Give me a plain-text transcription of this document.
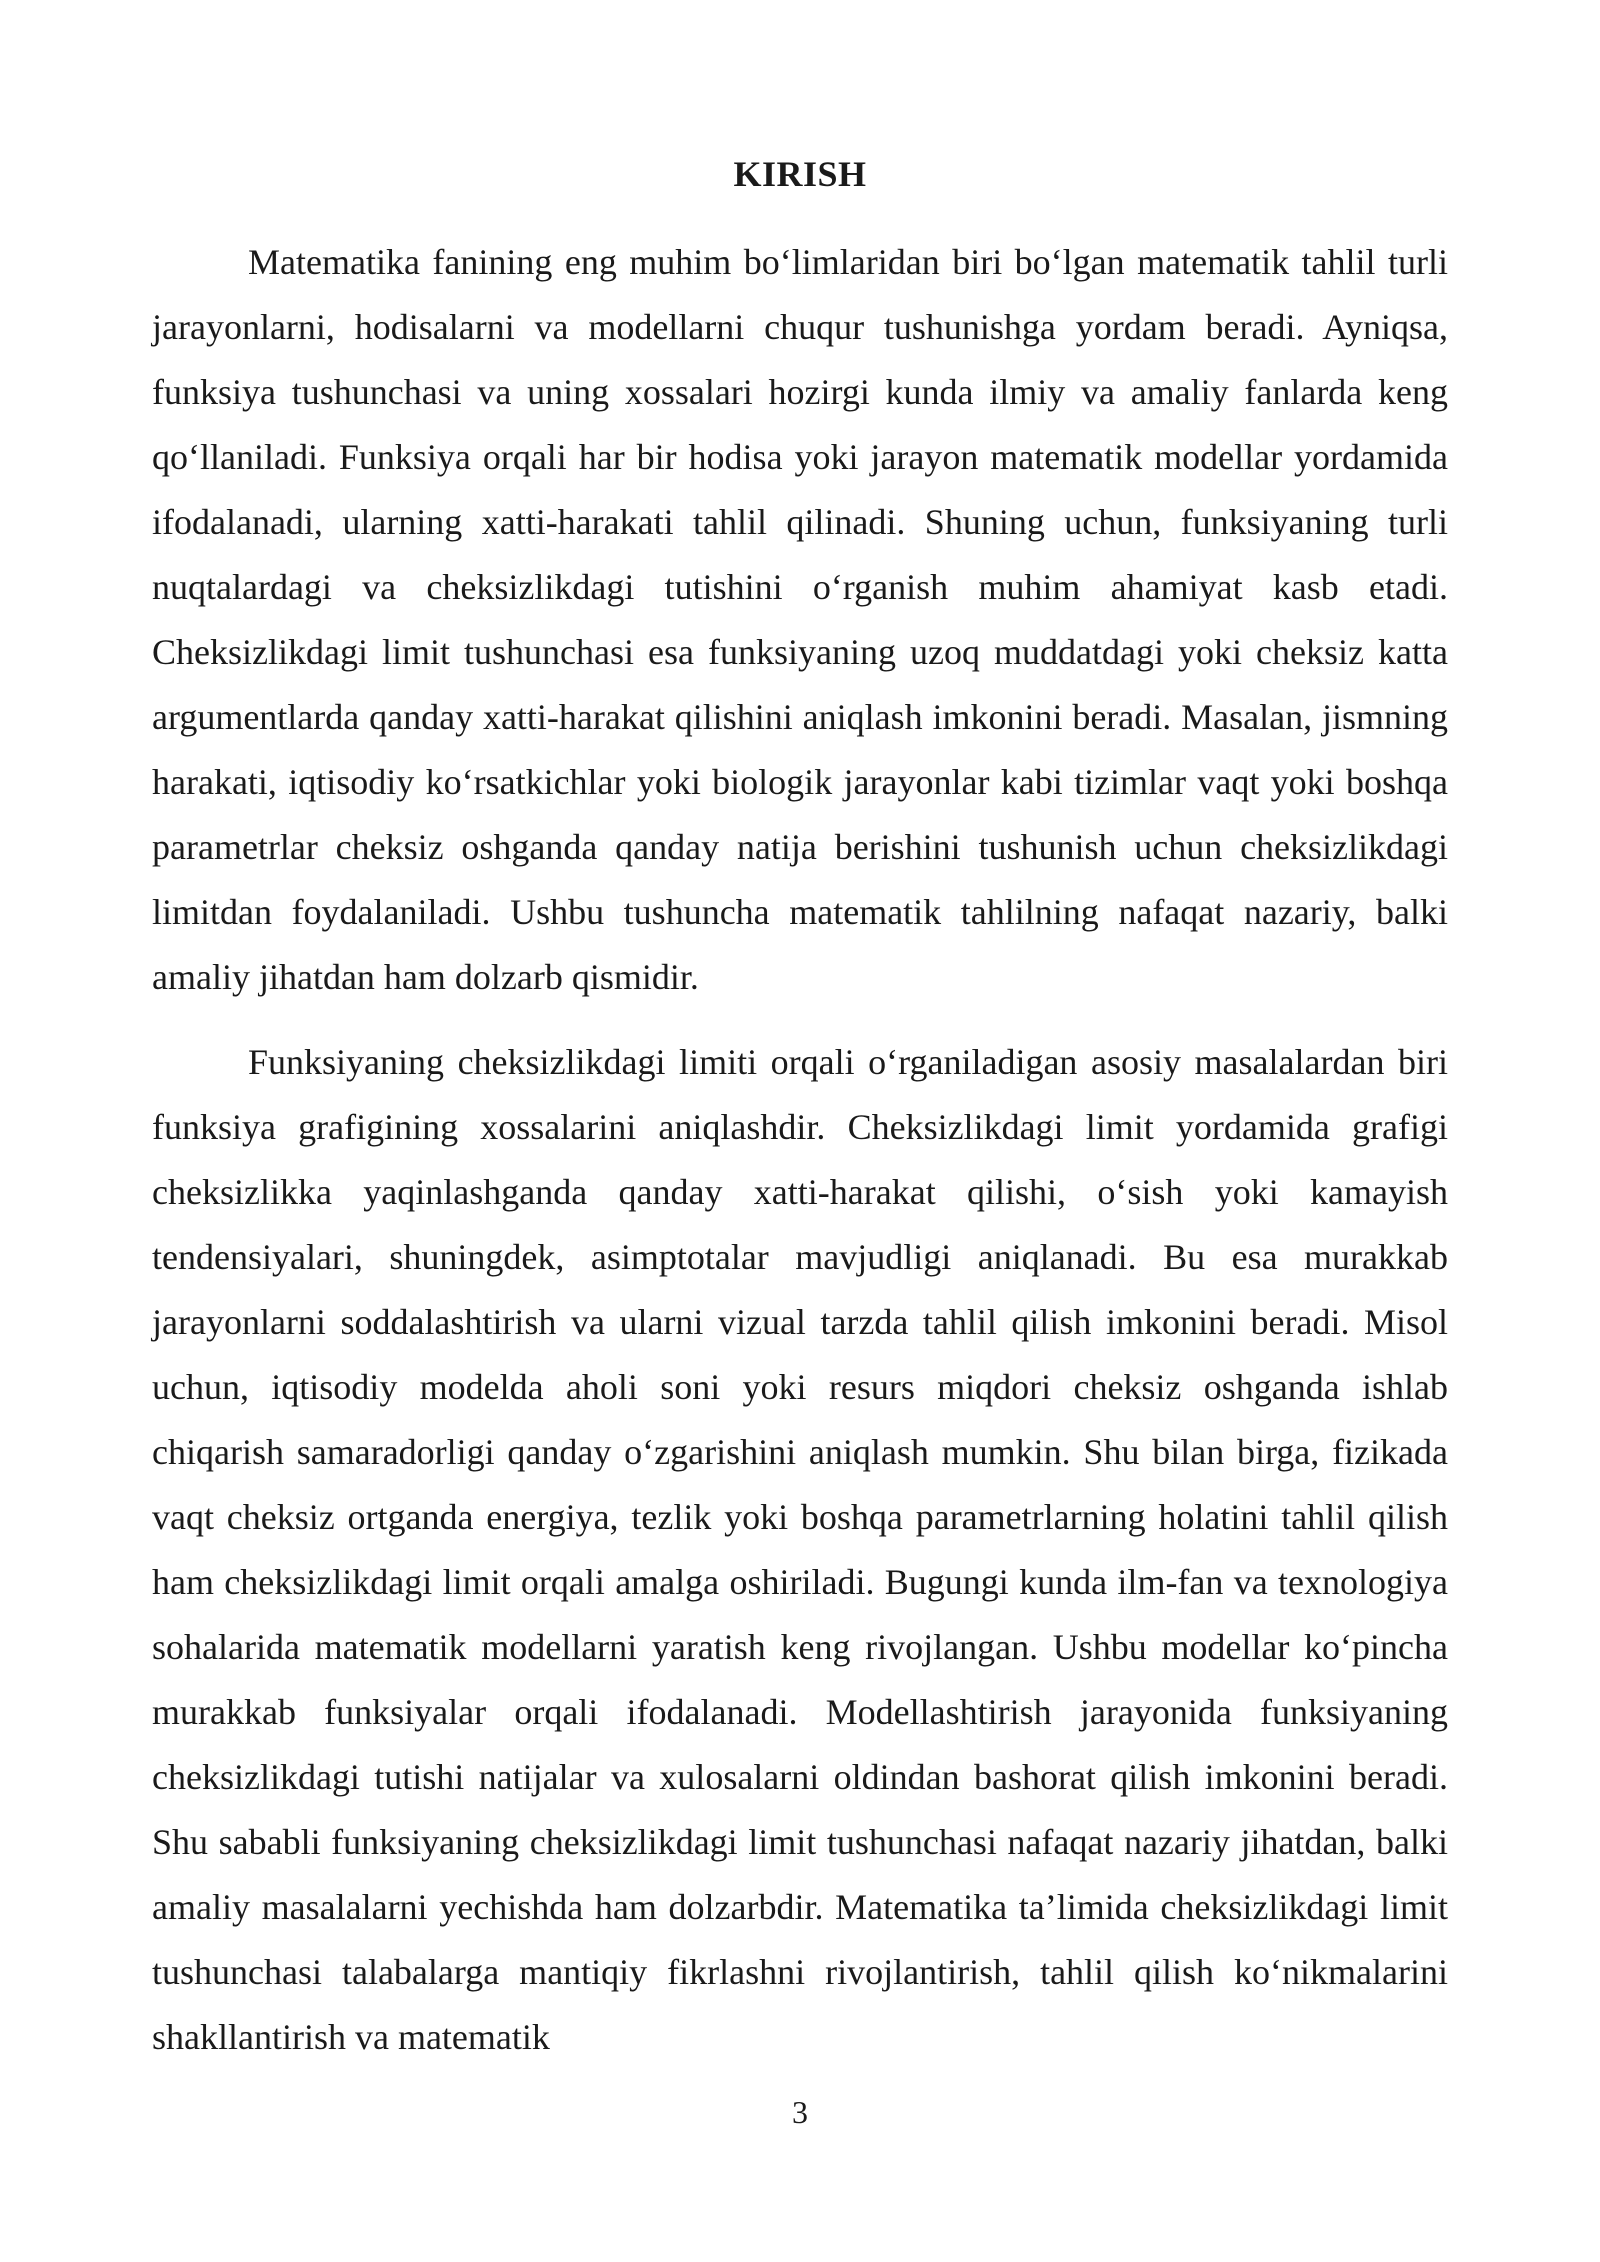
KIRISH

Matematika fanining eng muhim bo‘limlaridan biri bo‘lgan matematik tahlil turli jarayonlarni, hodisalarni va modellarni chuqur tushunishga yordam beradi. Ayniqsa, funksiya tushunchasi va uning xossalari hozirgi kunda ilmiy va amaliy fanlarda keng qo‘llaniladi. Funksiya orqali har bir hodisa yoki jarayon matematik modellar yordamida ifodalanadi, ularning xatti-harakati tahlil qilinadi. Shuning uchun, funksiyaning turli nuqtalardagi va cheksizlikdagi tutishini o‘rganish muhim ahamiyat kasb etadi. Cheksizlikdagi limit tushunchasi esa funksiyaning uzoq muddatdagi yoki cheksiz katta argumentlarda qanday xatti-harakat qilishini aniqlash imkonini beradi. Masalan, jismning harakati, iqtisodiy ko‘rsatkichlar yoki biologik jarayonlar kabi tizimlar vaqt yoki boshqa parametrlar cheksiz oshganda qanday natija berishini tushunish uchun cheksizlikdagi limitdan foydalaniladi. Ushbu tushuncha matematik tahlilning nafaqat nazariy, balki amaliy jihatdan ham dolzarb qismidir.

Funksiyaning cheksizlikdagi limiti orqali o‘rganiladigan asosiy masalalardan biri funksiya grafigining xossalarini aniqlashdir. Cheksizlikdagi limit yordamida grafigi cheksizlikka yaqinlashganda qanday xatti-harakat qilishi, o‘sish yoki kamayish tendensiyalari, shuningdek, asimptotalar mavjudligi aniqlanadi. Bu esa murakkab jarayonlarni soddalashtirish va ularni vizual tarzda tahlil qilish imkonini beradi. Misol uchun, iqtisodiy modelda aholi soni yoki resurs miqdori cheksiz oshganda ishlab chiqarish samaradorligi qanday o‘zgarishini aniqlash mumkin. Shu bilan birga, fizikada vaqt cheksiz ortganda energiya, tezlik yoki boshqa parametrlarning holatini tahlil qilish ham cheksizlikdagi limit orqali amalga oshiriladi. Bugungi kunda ilm-fan va texnologiya sohalarida matematik modellarni yaratish keng rivojlangan. Ushbu modellar ko‘pincha murakkab funksiyalar orqali ifodalanadi. Modellashtirish jarayonida funksiyaning cheksizlikdagi tutishi natijalar va xulosalarni oldindan bashorat qilish imkonini beradi. Shu sababli funksiyaning cheksizlikdagi limit tushunchasi nafaqat nazariy jihatdan, balki amaliy masalalarni yechishda ham dolzarbdir. Matematika ta’limida cheksizlikdagi limit tushunchasi talabalarga mantiqiy fikrlashni rivojlantirish, tahlil qilish ko‘nikmalarini shakllantirish va matematik

3
